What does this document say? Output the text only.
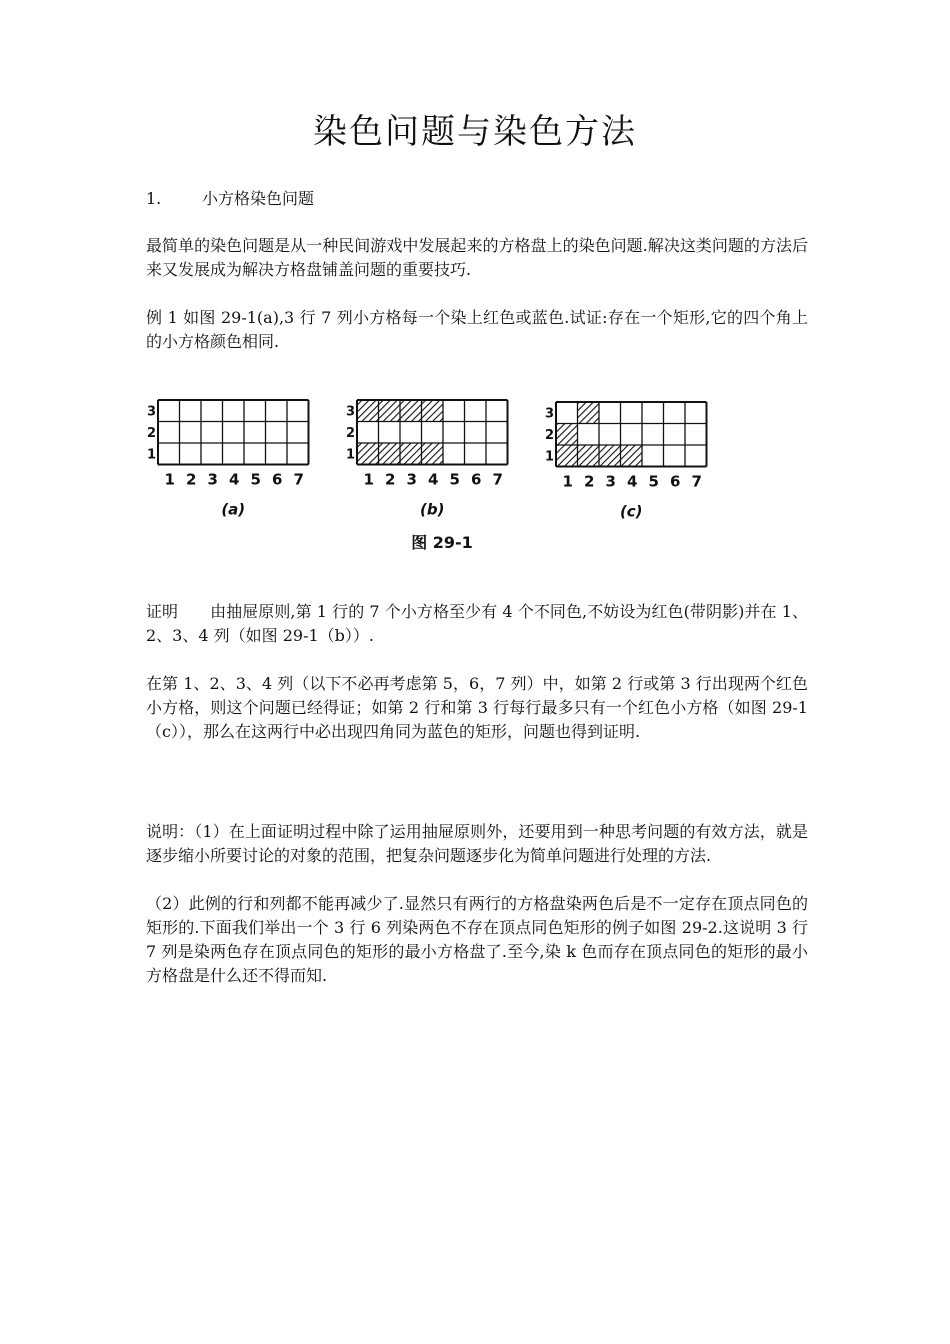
染色问题与染色方法
1.	小方格染色问题
最简单的染色问题是从一种民间游戏中发展起来的方格盘上的染色问题.解决这类问题的方法后来又发展成为解决方格盘铺盖问题的重要技巧.
例 1 如图 29-1(a),3 行 7 列小方格每一个染上红色或蓝色.试证:存在一个矩形,它的四个角上的小方格颜色相同.
3
2
1
1 2 3 4 5 6 7
(a)
3
2
1
1 2 3 4 5 6 7
(b)
3
2
1
1 2 3 4 5 6 7
(c)
图 29-1
证明 由抽屉原则,第 1 行的 7 个小方格至少有 4 个不同色,不妨设为红色(带阴影)并在 1、2、3、4 列（如图 29-1（b））.
在第 1、2、3、4 列（以下不必再考虑第 5，6，7 列）中，如第 2 行或第 3 行出现两个红色小方格，则这个问题已经得证；如第 2 行和第 3 行每行最多只有一个红色小方格（如图 29-1（c）），那么在这两行中必出现四角同为蓝色的矩形，问题也得到证明.
说明：（1）在上面证明过程中除了运用抽屉原则外，还要用到一种思考问题的有效方法，就是逐步缩小所要讨论的对象的范围，把复杂问题逐步化为简单问题进行处理的方法.
（2）此例的行和列都不能再减少了.显然只有两行的方格盘染两色后是不一定存在顶点同色的矩形的.下面我们举出一个 3 行 6 列染两色不存在顶点同色矩形的例子如图 29-2.这说明 3 行 7 列是染两色存在顶点同色的矩形的最小方格盘了.至今,染 k 色而存在顶点同色的矩形的最小方格盘是什么还不得而知.
